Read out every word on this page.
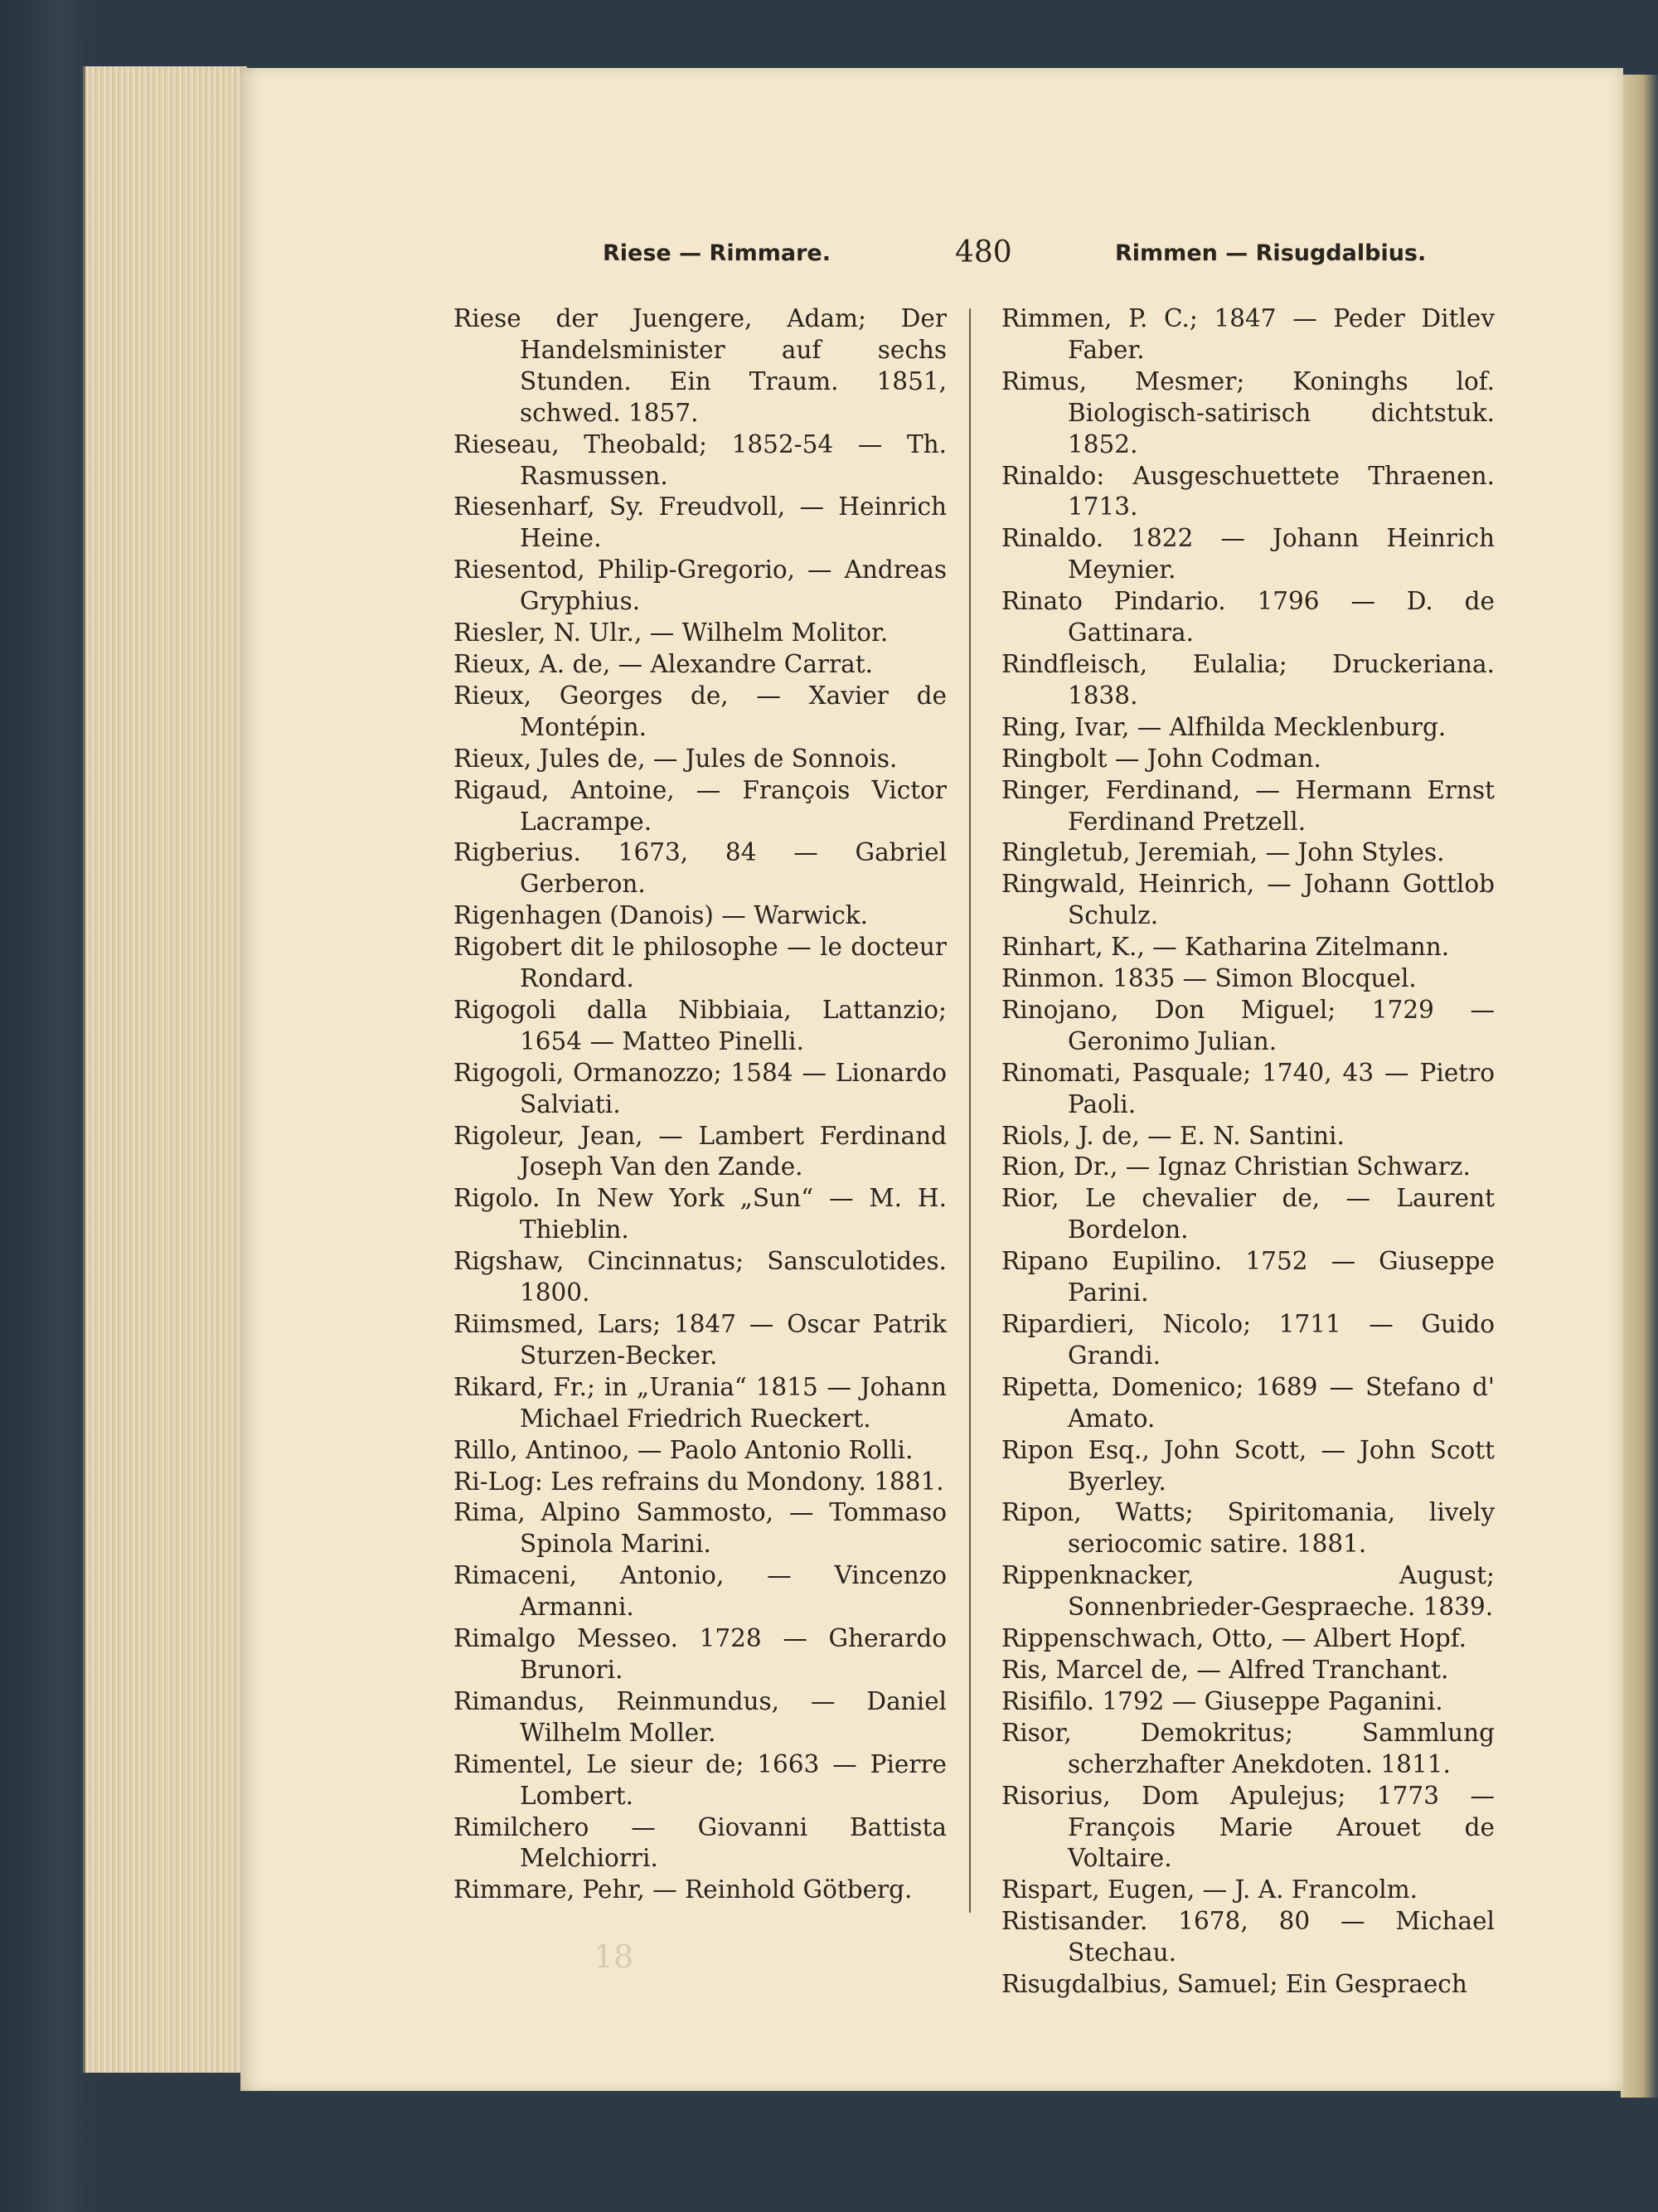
Riese — Rimmare.	480	Rimmen — Risugdalbius.
Riese der Juengere, Adam; Der Handelsminister auf sechs Stunden. Ein Traum. 1851, schwed. 1857.
Rieseau, Theobald; 1852-54 — Th. Rasmussen.
Riesenharf, Sy. Freudvoll, — Heinrich Heine.
Riesentod, Philip-Gregorio, — Andreas Gryphius.
Riesler, N. Ulr., — Wilhelm Molitor.
Rieux, A. de, — Alexandre Carrat.
Rieux, Georges de, — Xavier de Montépin.
Rieux, Jules de, — Jules de Sonnois.
Rigaud, Antoine, — François Victor Lacrampe.
Rigberius. 1673, 84 — Gabriel Gerberon.
Rigenhagen (Danois) — Warwick.
Rigobert dit le philosophe — le docteur Rondard.
Rigogoli dalla Nibbiaia, Lattanzio; 1654 — Matteo Pinelli.
Rigogoli, Ormanozzo; 1584 — Lionardo Salviati.
Rigoleur, Jean, — Lambert Ferdinand Joseph Van den Zande.
Rigolo. In New York „Sun“ — M. H. Thieblin.
Rigshaw, Cincinnatus; Sansculotides. 1800.
Riimsmed, Lars; 1847 — Oscar Patrik Sturzen-Becker.
Rikard, Fr.; in „Urania“ 1815 — Johann Michael Friedrich Rueckert.
Rillo, Antinoo, — Paolo Antonio Rolli.
Ri-Log: Les refrains du Mondony. 1881.
Rima, Alpino Sammosto, — Tommaso Spinola Marini.
Rimaceni, Antonio, — Vincenzo Armanni.
Rimalgo Messeo. 1728 — Gherardo Brunori.
Rimandus, Reinmundus, — Daniel Wilhelm Moller.
Rimentel, Le sieur de; 1663 — Pierre Lombert.
Rimilchero — Giovanni Battista Melchiorri.
Rimmare, Pehr, — Reinhold Götberg.
Rimmen, P. C.; 1847 — Peder Ditlev Faber.
Rimus, Mesmer; Koninghs lof. Biologisch-satirisch dichtstuk. 1852.
Rinaldo: Ausgeschuettete Thraenen. 1713.
Rinaldo. 1822 — Johann Heinrich Meynier.
Rinato Pindario. 1796 — D. de Gattinara.
Rindfleisch, Eulalia; Druckeriana. 1838.
Ring, Ivar, — Alfhilda Mecklenburg.
Ringbolt — John Codman.
Ringer, Ferdinand, — Hermann Ernst Ferdinand Pretzell.
Ringletub, Jeremiah, — John Styles.
Ringwald, Heinrich, — Johann Gottlob Schulz.
Rinhart, K., — Katharina Zitelmann.
Rinmon. 1835 — Simon Blocquel.
Rinojano, Don Miguel; 1729 — Geronimo Julian.
Rinomati, Pasquale; 1740, 43 — Pietro Paoli.
Riols, J. de, — E. N. Santini.
Rion, Dr., — Ignaz Christian Schwarz.
Rior, Le chevalier de, — Laurent Bordelon.
Ripano Eupilino. 1752 — Giuseppe Parini.
Ripardieri, Nicolo; 1711 — Guido Grandi.
Ripetta, Domenico; 1689 — Stefano d' Amato.
Ripon Esq., John Scott, — John Scott Byerley.
Ripon, Watts; Spiritomania, lively seriocomic satire. 1881.
Rippenknacker, August; Sonnenbrieder-Gespraeche. 1839.
Rippenschwach, Otto, — Albert Hopf.
Ris, Marcel de, — Alfred Tranchant.
Risifilo. 1792 — Giuseppe Paganini.
Risor, Demokritus; Sammlung scherzhafter Anekdoten. 1811.
Risorius, Dom Apulejus; 1773 — François Marie Arouet de Voltaire.
Rispart, Eugen, — J. A. Francolm.
Ristisander. 1678, 80 — Michael Stechau.
Risugdalbius, Samuel; Ein Gespraech
18
